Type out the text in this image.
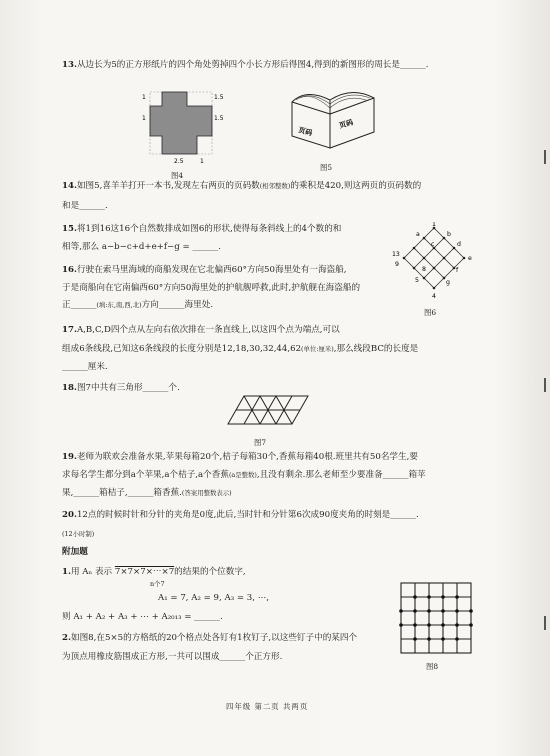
13.从边长为5的正方形纸片的四个角处剪掉四个小长方形后得图4,得到的新图形的周长是______.
1	1.5
1	1.5
2.5	1
图4
页码
页码
图5
14.如图5,喜羊羊打开一本书,发现左右两页的页码数(相邻整数)的乘积是420,则这两页的页码数的
和是______.
15.将1到16这16个自然数排成如图6的形状,使得每条斜线上的4个数的和
相等,那么 a−b−c+d+e+f−g = ______.
1
a	b
c
13
9
d
e
f
g
5
4
8
图6
16.行驶在索马里海域的商船发现在它北偏西60°方向50海里处有一海盗船,
于是商船向在它南偏西60°方向50海里处的护航舰呼救,此时,护航舰在海盗船的
正______(填:东,南,西,北)方向______海里处.
17.A,B,C,D四个点从左向右依次排在一条直线上,以这四个点为端点,可以
组成6条线段,已知这6条线段的长度分别是12,18,30,32,44,62(单位:厘米),那么线段BC的长度是
______厘米.
18.图7中共有三角形______个.
图7
19.老师为联欢会准备水果,苹果每箱20个,桔子每箱30个,香蕉每箱40根.班里共有50名学生,要
求每名学生都分到a个苹果,a个桔子,a个香蕉(a是整数),且没有剩余.那么老师至少要准备______箱苹
果,______箱桔子,______箱香蕉.(答案用整数表示)
20.12点的时候时针和分针的夹角是0度,此后,当时针和分针第6次成90度夹角的时刻是______.
(12小时制)
附加题
1.用 Aₙ 表示 7×7×7×⋯×7的结果的个位数字,
n个7
A₁ = 7, A₂ = 9, A₃ = 3, ⋯,
则 A₁ + A₂ + A₃ + ⋯ + A₂₀₁₃ = ______.
2.如图8,在5×5的方格纸的20个格点处各钉有1枚钉子,以这些钉子中的某四个
为顶点用橡皮筋围成正方形,一共可以围成______个正方形.
图8
四年级 第二页 共两页
